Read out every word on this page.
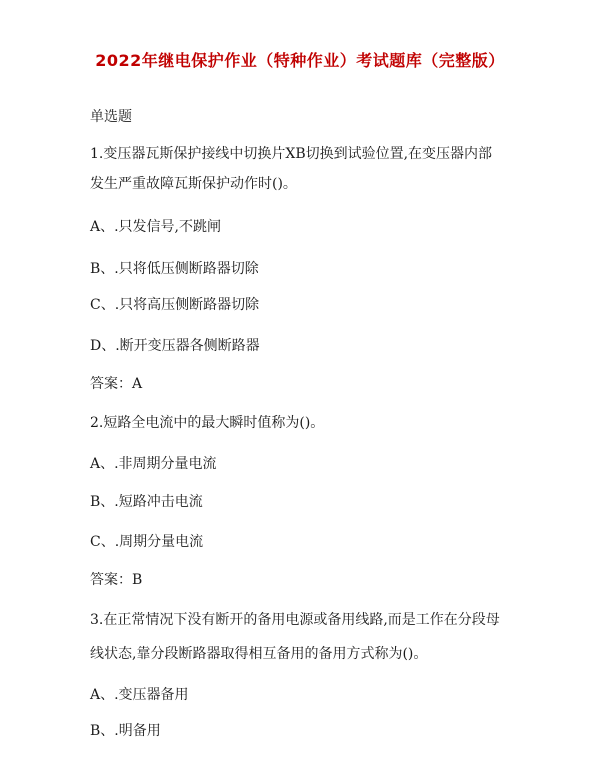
2022年继电保护作业（特种作业）考试题库（完整版）
单选题
1.变压器瓦斯保护接线中切换片XB切换到试验位置,在变压器内部
发生严重故障瓦斯保护动作时()。
A、.只发信号,不跳闸
B、.只将低压侧断路器切除
C、.只将高压侧断路器切除
D、.断开变压器各侧断路器
答案：A
2.短路全电流中的最大瞬时值称为()。
A、.非周期分量电流
B、.短路冲击电流
C、.周期分量电流
答案：B
3.在正常情况下没有断开的备用电源或备用线路,而是工作在分段母
线状态,靠分段断路器取得相互备用的备用方式称为()。
A、.变压器备用
B、.明备用
